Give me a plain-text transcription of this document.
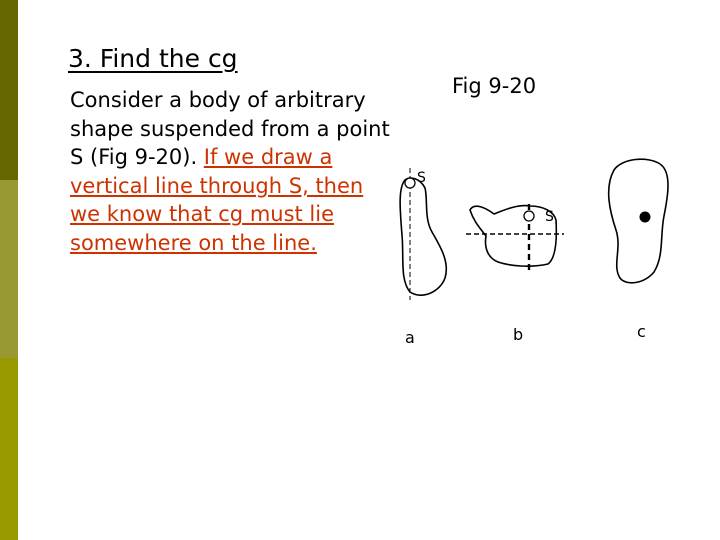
3. Find the cg
Consider a body of arbitrary shape suspended from a point S (Fig 9-20). If we draw a vertical line through S, then we know that cg must lie somewhere on the line.
Fig 9-20
S
S
a	b	c
